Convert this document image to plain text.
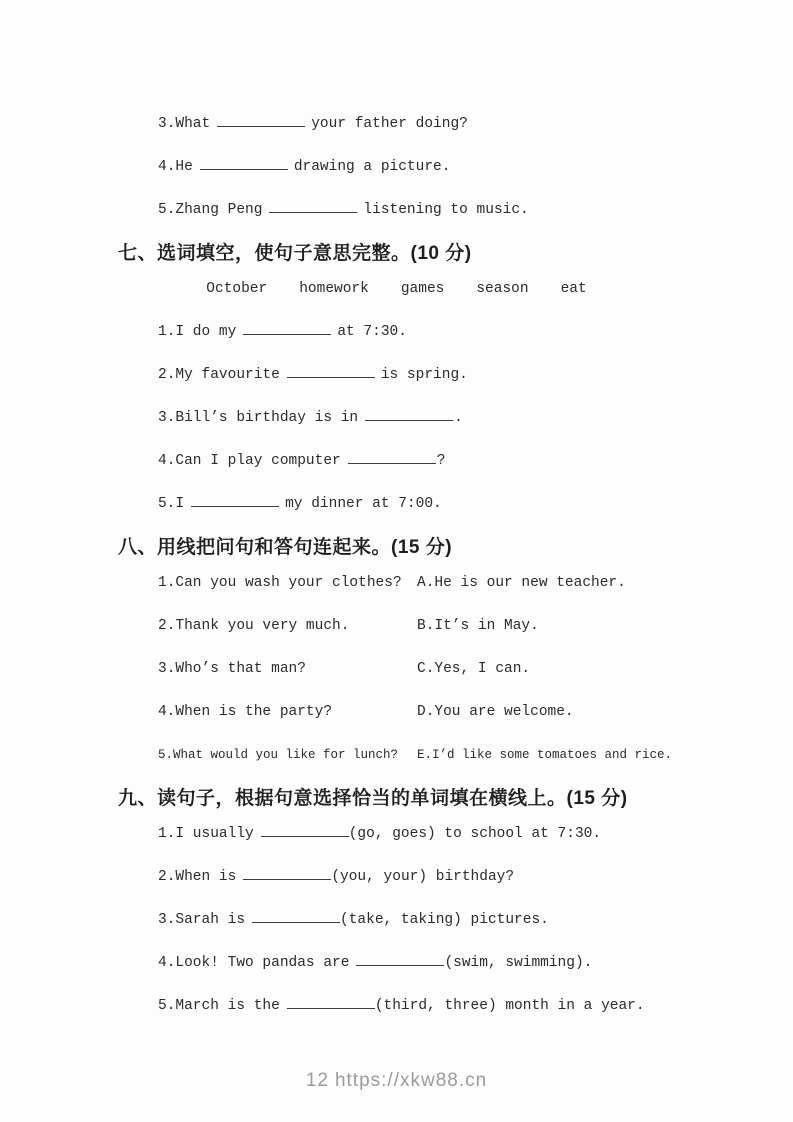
3.What	your father doing?
4.He	drawing a picture.
5.Zhang Peng	listening to music.
七、选词填空，使句子意思完整。(10 分)
October homework games season eat
1.I do my	at 7:30.
2.My favourite	is spring.
3.Bill’s birthday is in	.
4.Can I play computer	?
5.I	my dinner at 7:00.
八、用线把问句和答句连起来。(15 分)
1.Can you wash your clothes?	A.He is our new teacher.
2.Thank you very much.	B.It’s in May.
3.Who’s that man?	C.Yes, I can.
4.When is the party?	D.You are welcome.
5.What would you like for lunch?	E.I’d like some tomatoes and rice.
九、读句子，根据句意选择恰当的单词填在横线上。(15 分)
1.I usually	(go, goes) to school at 7:30.
2.When is	(you, your) birthday?
3.Sarah is	(take, taking) pictures.
4.Look! Two pandas are	(swim, swimming).
5.March is the	(third, three) month in a year.
12 https://xkw88.cn
